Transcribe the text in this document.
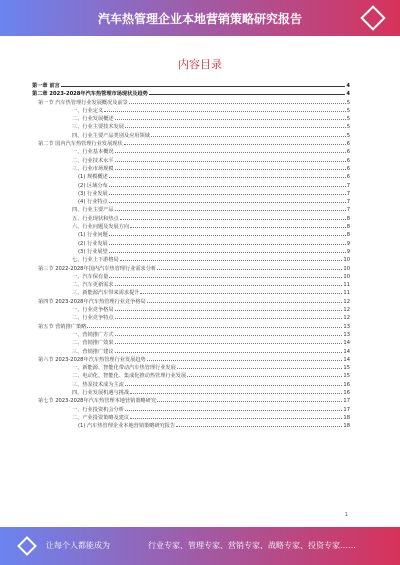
汽车热管理企业本地营销策略研究报告
内容目录
第一章 前言	4
第二章 2023-2028年汽车热管理市场现状及趋势	4
第一节 汽车热管理行业发展概况及前景	5
一、行业定义	5
二、行业发展概述	5
三、行业主要技术发展	5
四、行业主要产品类别及应用领域	5
第二节 国内汽车热管理行业发展现状	6
一、行业基本概况	6
二、行业技术水平	6
三、行业市场规模	6
(1) 规模概述	6
(2) 区域分布	7
(3) 行业发展	7
(4) 行业特点	7
四、行业主要产品	7
五、行业现状和热点	8
六、行业问题及发展方向	8
(1) 行业问题	8
(2) 行业发展	9
(3) 行业展望	9
七、行业上下游格局	10
第三节 2022-2028年国内汽车热管理行业需求分析	10
一、汽车保有量	10
二、汽车更新需求	11
三、新能源汽车带来需求提升	11
第四节 2023-2028年汽车热管理行业竞争格局	12
一、行业竞争格局	12
二、行业竞争特点	12
第五节 营销推广策略	13
一、营销推广方式	13
二、营销推广效果	14
三、营销推广建议	14
第六节 2023-2028年汽车热管理行业发展趋势	14
一、新能源、智能化带动汽车热管理行业发展	15
二、电动化、智能化、集成化推动热管理行业发展	15
三、热泵技术成为主流	16
四、行业发展机遇与挑战	16
第七节 2023-2028年汽车热管理本地营销策略研究	17
一、行业投资机会分析	17
二、产业投资策略及建议	18
(1) 汽车热管理企业本地营销策略研究报告	18
1
让每个人都能成为	行业专家、管理专家、营销专家、战略专家、投资专家……
